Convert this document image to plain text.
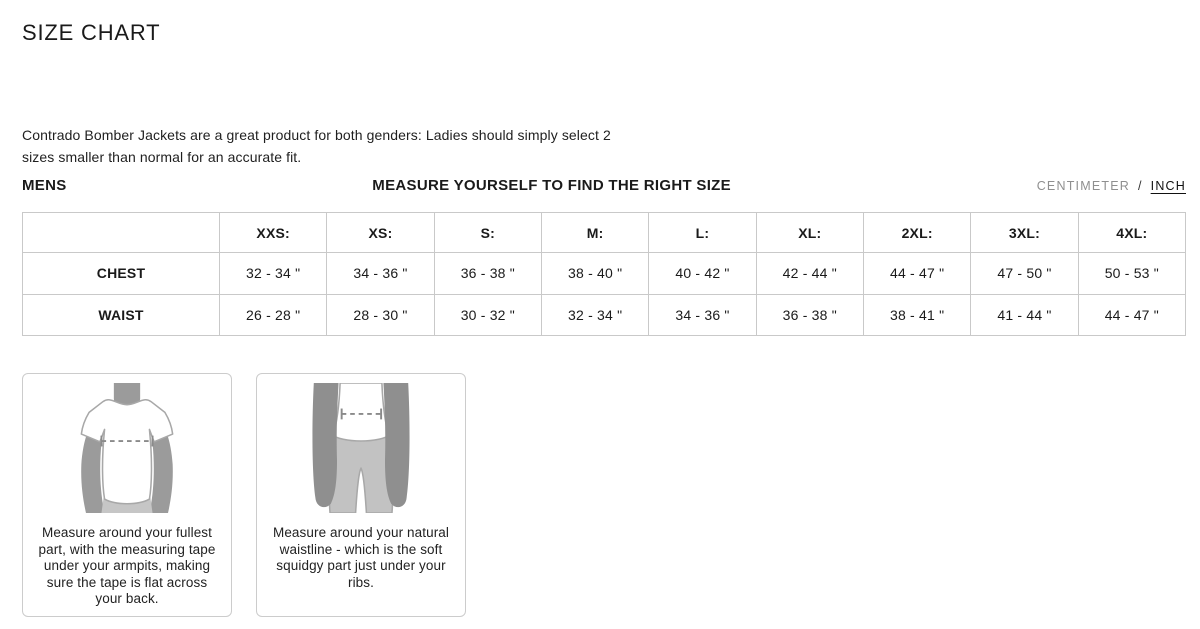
SIZE CHART
Contrado Bomber Jackets are a great product for both genders: Ladies should simply select 2
sizes smaller than normal for an accurate fit.
MENS	MEASURE YOURSELF TO FIND THE RIGHT SIZE	CENTIMETER / INCH
	XXS:	XS:	S:	M:	L:	XL:	2XL:	3XL:	4XL:
CHEST	32 - 34 "	34 - 36 "	36 - 38 "	38 - 40 "	40 - 42 "	42 - 44 "	44 - 47 "	47 - 50 "	50 - 53 "
WAIST	26 - 28 "	28 - 30 "	30 - 32 "	32 - 34 "	34 - 36 "	36 - 38 "	38 - 41 "	41 - 44 "	44 - 47 "
Measure around your fullest part, with the measuring tape under your armpits, making sure the tape is flat across your back.
Measure around your natural waistline - which is the soft squidgy part just under your ribs.
